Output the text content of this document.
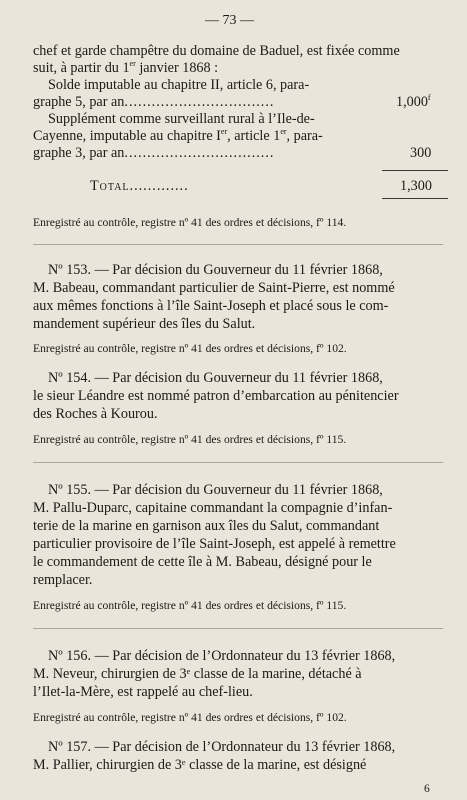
— 73 —
chef et garde champêtre du domaine de Baduel, est fixée comme
suit, à partir du 1er janvier 1868 :
Solde imputable au chapitre II, article 6, para-
graphe 5, par an.................................	1,000$^f$
Supplément comme surveillant rural à l’Ile-de-
Cayenne, imputable au chapitre Ier, article 1er, para-
graphe 3, par an.................................	300
Total.............	1,300
Enregistré au contrôle, registre nº 41 des ordres et décisions, fº 114.
Nº 153. — Par décision du Gouverneur du 11 février 1868,
M. Babeau, commandant particulier de Saint-Pierre, est nommé
aux mêmes fonctions à l’île Saint-Joseph et placé sous le com-
mandement supérieur des îles du Salut.
Enregistré au contrôle, registre nº 41 des ordres et décisions, fº 102.
Nº 154. — Par décision du Gouverneur du 11 février 1868,
le sieur Léandre est nommé patron d’embarcation au pénitencier
des Roches à Kourou.
Enregistré au contrôle, registre nº 41 des ordres et décisions, fº 115.
Nº 155. — Par décision du Gouverneur du 11 février 1868,
M. Pallu-Duparc, capitaine commandant la compagnie d’infan-
terie de la marine en garnison aux îles du Salut, commandant
particulier provisoire de l’île Saint-Joseph, est appelé à remettre
le commandement de cette île à M. Babeau, désigné pour le
remplacer.
Enregistré au contrôle, registre nº 41 des ordres et décisions, fº 115.
Nº 156. — Par décision de l’Ordonnateur du 13 février 1868,
M. Neveur, chirurgien de 3ᵉ classe de la marine, détaché à
l’Ilet-la-Mère, est rappelé au chef-lieu.
Enregistré au contrôle, registre nº 41 des ordres et décisions, fº 102.
Nº 157. — Par décision de l’Ordonnateur du 13 février 1868,
M. Pallier, chirurgien de 3ᵉ classe de la marine, est désigné
6
